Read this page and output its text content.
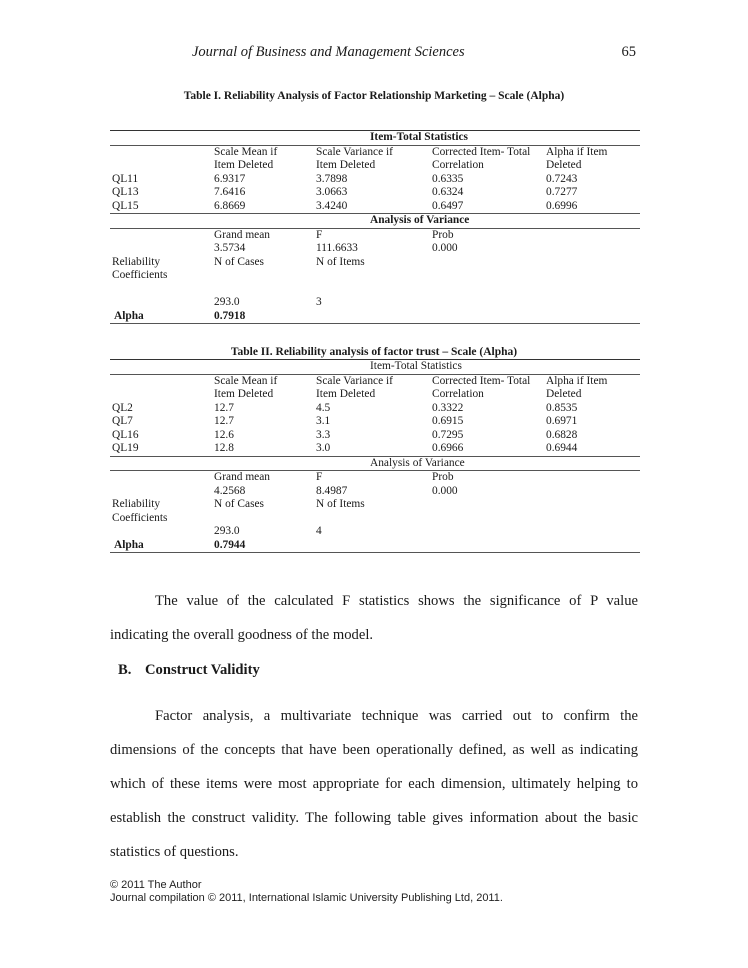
Journal of Business and Management Sciences	65
Table I. Reliability Analysis of Factor Relationship Marketing – Scale (Alpha)
		Item-Total Statistics		
	Scale Mean if	Scale Variance if	Corrected Item- Total	Alpha if Item
	Item Deleted	Item Deleted	Correlation	Deleted
QL11	6.9317	3.7898	0.6335	0.7243
QL13	7.6416	3.0663	0.6324	0.7277
QL15	6.8669	3.4240	0.6497	0.6996
		Analysis of Variance		
	Grand mean	F	Prob	
	3.5734	111.6633	0.000	
Reliability	N of Cases	N of Items		
Coefficients				

	293.0	3		
Alpha	0.7918			
Table II. Reliability analysis of factor trust – Scale (Alpha)
		Item-Total Statistics		
	Scale Mean if	Scale Variance if	Corrected Item- Total	Alpha if Item
	Item Deleted	Item Deleted	Correlation	Deleted
QL2	12.7	4.5	0.3322	0.8535
QL7	12.7	3.1	0.6915	0.6971
QL16	12.6	3.3	0.7295	0.6828
QL19	12.8	3.0	0.6966	0.6944
		Analysis of Variance		
	Grand mean	F	Prob	
	4.2568	8.4987	0.000	
Reliability	N of Cases	N of Items		
Coefficients				
	293.0	4		
Alpha	0.7944			
The value of the calculated F statistics shows the significance of P value indicating the overall goodness of the model.
B. Construct Validity
Factor analysis, a multivariate technique was carried out to confirm the dimensions of the concepts that have been operationally defined, as well as indicating which of these items were most appropriate for each dimension, ultimately helping to establish the construct validity. The following table gives information about the basic statistics of questions.
© 2011 The Author
Journal compilation © 2011, International Islamic University Publishing Ltd, 2011.
